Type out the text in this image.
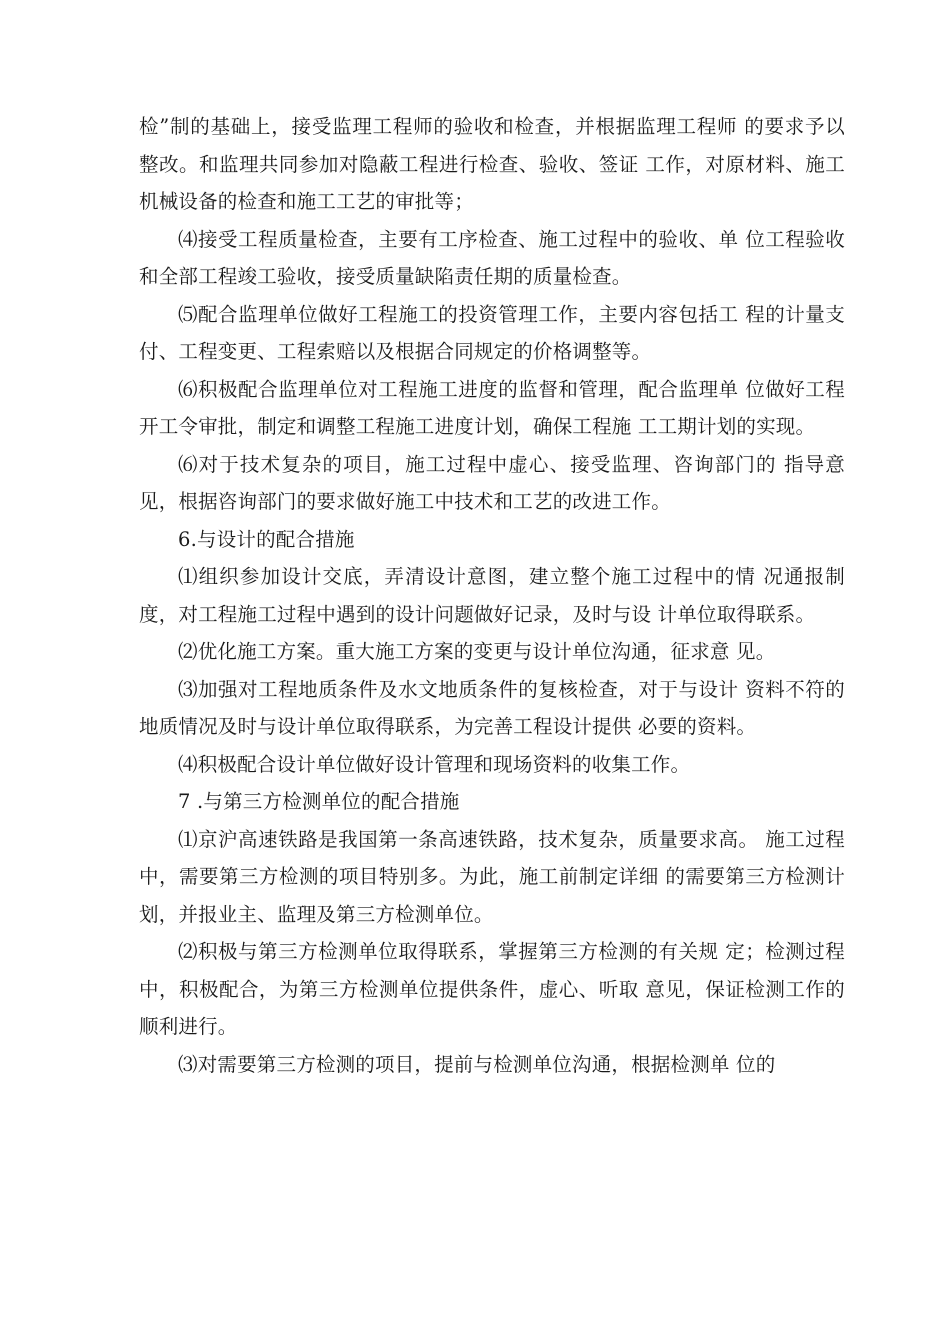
检”制的基础上，接受监理工程师的验收和检查，并根据监理工程师 的要求予以整改。和监理共同参加对隐蔽工程进行检查、验收、签证 工作，对原材料、施工机械设备的检查和施工工艺的审批等；

⑷接受工程质量检查，主要有工序检查、施工过程中的验收、单 位工程验收和全部工程竣工验收，接受质量缺陷责任期的质量检查。

⑸配合监理单位做好工程施工的投资管理工作，主要内容包括工 程的计量支付、工程变更、工程索赔以及根据合同规定的价格调整等。

⑹积极配合监理单位对工程施工进度的监督和管理，配合监理单 位做好工程开工令审批，制定和调整工程施工进度计划，确保工程施 工工期计划的实现。

⑹对于技术复杂的项目，施工过程中虚心、接受监理、咨询部门的 指导意见，根据咨询部门的要求做好施工中技术和工艺的改进工作。

6.与设计的配合措施

⑴组织参加设计交底，弄清设计意图，建立整个施工过程中的情 况通报制度，对工程施工过程中遇到的设计问题做好记录，及时与设 计单位取得联系。

⑵优化施工方案。重大施工方案的变更与设计单位沟通，征求意 见。

⑶加强对工程地质条件及水文地质条件的复核检查，对于与设计 资料不符的地质情况及时与设计单位取得联系，为完善工程设计提供 必要的资料。

⑷积极配合设计单位做好设计管理和现场资料的收集工作。

7 .与第三方检测单位的配合措施

⑴京沪高速铁路是我国第一条高速铁路，技术复杂，质量要求高。 施工过程中，需要第三方检测的项目特别多。为此，施工前制定详细 的需要第三方检测计划，并报业主、监理及第三方检测单位。

⑵积极与第三方检测单位取得联系，掌握第三方检测的有关规 定；检测过程中，积极配合，为第三方检测单位提供条件，虚心、听取 意见，保证检测工作的顺利进行。

⑶对需要第三方检测的项目，提前与检测单位沟通，根据检测单 位的
